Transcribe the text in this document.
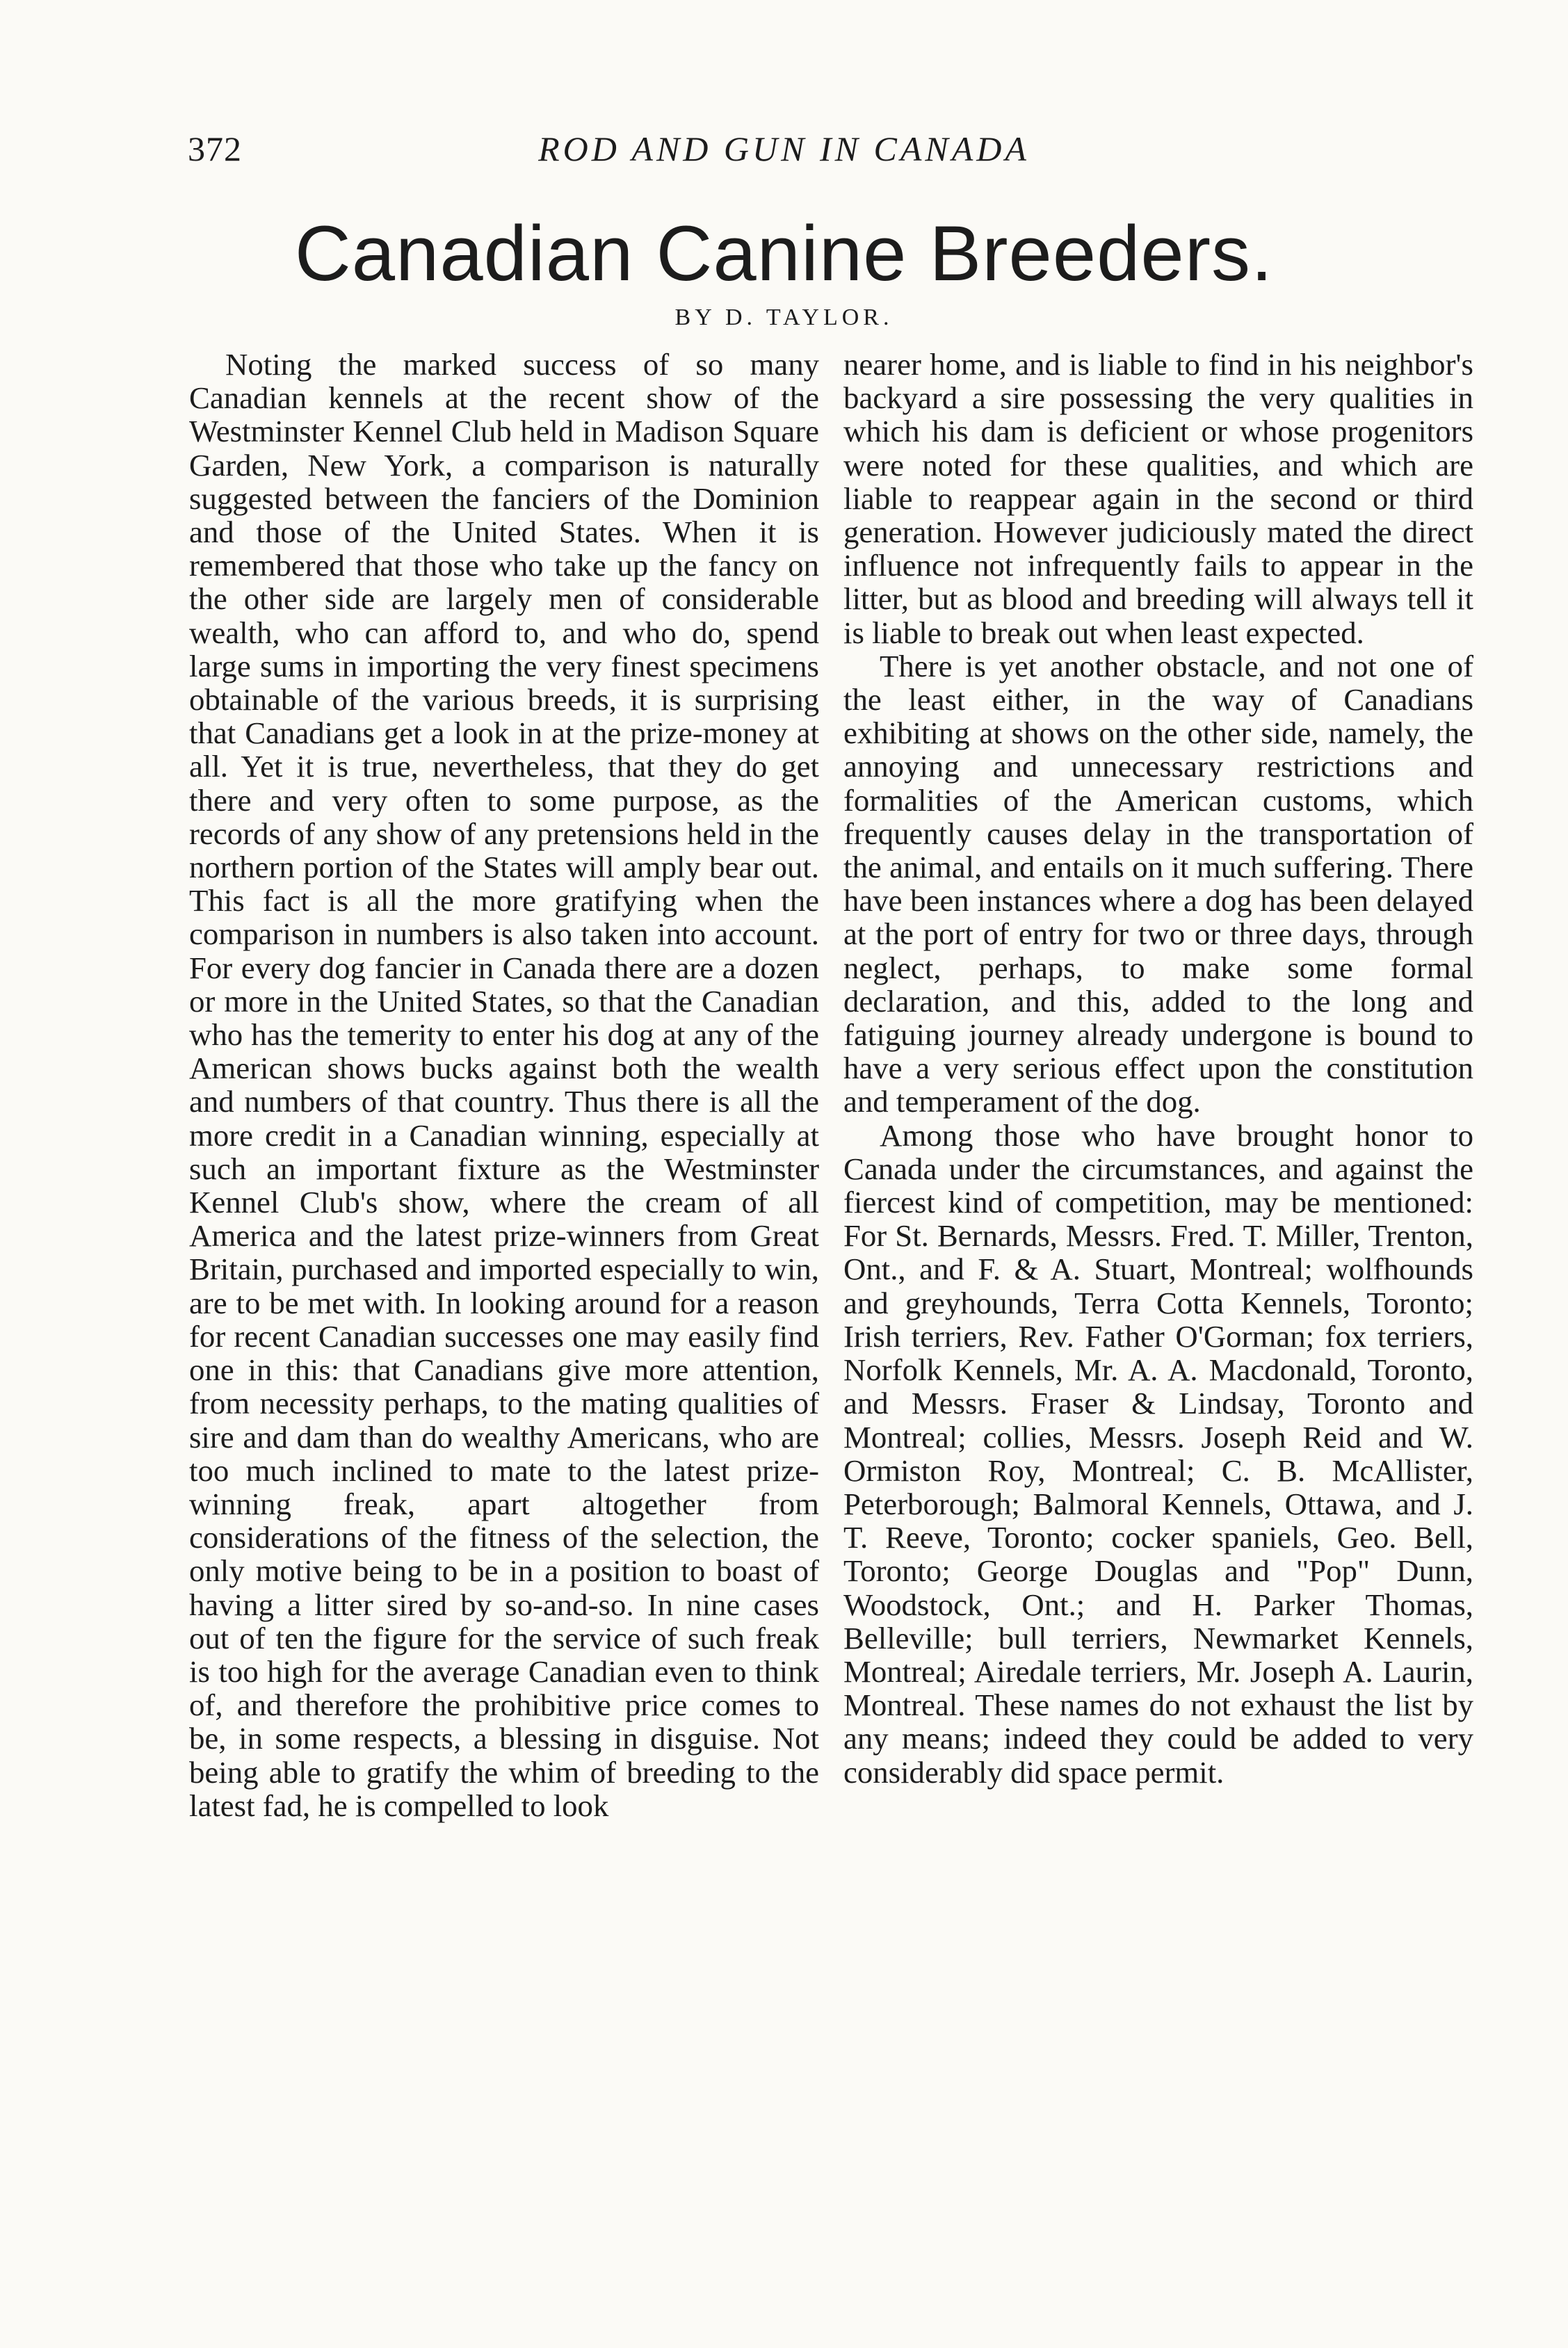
372	ROD AND GUN IN CANADA
Canadian Canine Breeders.
BY D. TAYLOR.

Noting the marked success of so many Canadian kennels at the recent show of the Westminster Kennel Club held in Madison Square Garden, New York, a comparison is naturally suggested between the fanciers of the Dominion and those of the United States. When it is remembered that those who take up the fancy on the other side are largely men of considerable wealth, who can afford to, and who do, spend large sums in importing the very finest specimens obtainable of the various breeds, it is surprising that Canadians get a look in at the prize-money at all. Yet it is true, nevertheless, that they do get there and very often to some purpose, as the records of any show of any pretensions held in the northern portion of the States will amply bear out. This fact is all the more gratifying when the comparison in numbers is also taken into account. For every dog fancier in Canada there are a dozen or more in the United States, so that the Canadian who has the temerity to enter his dog at any of the American shows bucks against both the wealth and numbers of that country. Thus there is all the more credit in a Canadian winning, especially at such an important fixture as the Westminster Kennel Club's show, where the cream of all America and the latest prize-winners from Great Britain, purchased and imported especially to win, are to be met with. In looking around for a reason for recent Canadian successes one may easily find one in this: that Canadians give more attention, from necessity perhaps, to the mating qualities of sire and dam than do wealthy Americans, who are too much inclined to mate to the latest prize-winning freak, apart altogether from considerations of the fitness of the selection, the only motive being to be in a position to boast of having a litter sired by so-and-so. In nine cases out of ten the figure for the service of such freak is too high for the average Canadian even to think of, and therefore the prohibitive price comes to be, in some respects, a blessing in disguise. Not being able to gratify the whim of breeding to the latest fad, he is compelled to look

nearer home, and is liable to find in his neighbor's backyard a sire possessing the very qualities in which his dam is deficient or whose progenitors were noted for these qualities, and which are liable to reappear again in the second or third generation. However judiciously mated the direct influence not infrequently fails to appear in the litter, but as blood and breeding will always tell it is liable to break out when least expected.

There is yet another obstacle, and not one of the least either, in the way of Canadians exhibiting at shows on the other side, namely, the annoying and unnecessary restrictions and formalities of the American customs, which frequently causes delay in the transportation of the animal, and entails on it much suffering. There have been instances where a dog has been delayed at the port of entry for two or three days, through neglect, perhaps, to make some formal declaration, and this, added to the long and fatiguing journey already undergone is bound to have a very serious effect upon the constitution and temperament of the dog.

Among those who have brought honor to Canada under the circumstances, and against the fiercest kind of competition, may be mentioned: For St. Bernards, Messrs. Fred. T. Miller, Trenton, Ont., and F. & A. Stuart, Montreal; wolfhounds and greyhounds, Terra Cotta Kennels, Toronto; Irish terriers, Rev. Father O'Gorman; fox terriers, Norfolk Kennels, Mr. A. A. Macdonald, Toronto, and Messrs. Fraser & Lindsay, Toronto and Montreal; collies, Messrs. Joseph Reid and W. Ormiston Roy, Montreal; C. B. McAllister, Peterborough; Balmoral Kennels, Ottawa, and J. T. Reeve, Toronto; cocker spaniels, Geo. Bell, Toronto; George Douglas and "Pop" Dunn, Woodstock, Ont.; and H. Parker Thomas, Belleville; bull terriers, Newmarket Kennels, Montreal; Airedale terriers, Mr. Joseph A. Laurin, Montreal. These names do not exhaust the list by any means; indeed they could be added to very considerably did space permit.
